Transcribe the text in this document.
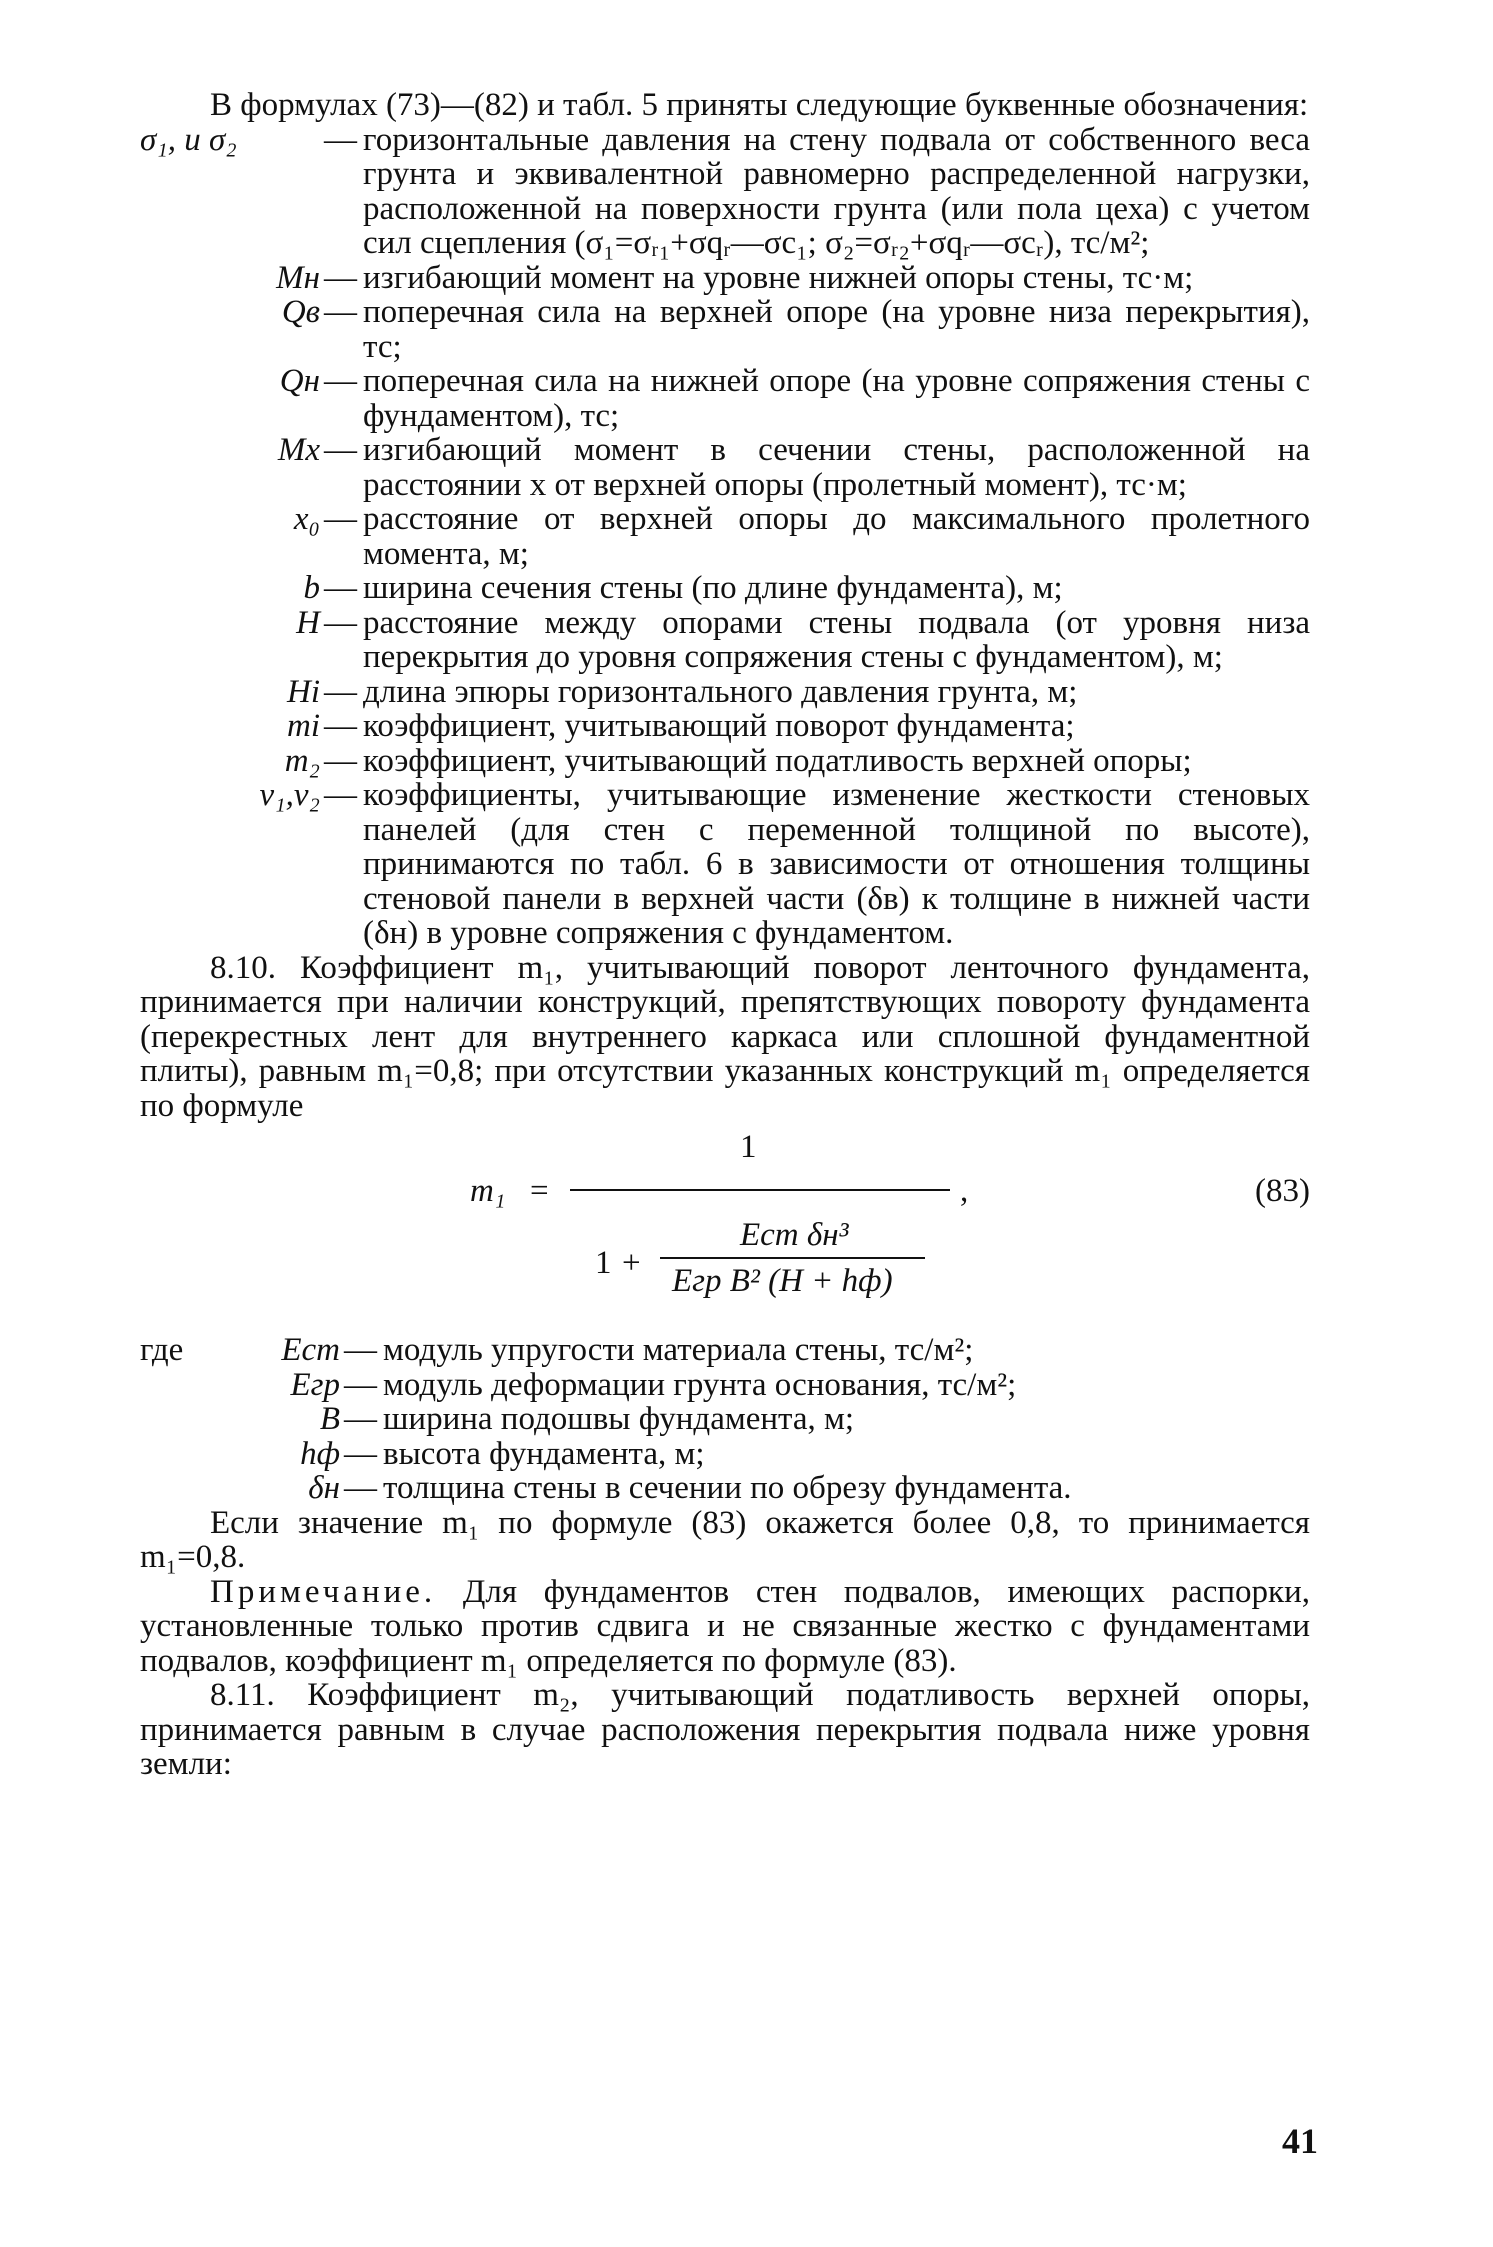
В формулах (73)—(82) и табл. 5 приняты следующие буквенные обозначения:

σ₁, и σ₂	— горизонтальные давления на стену подвала от собственного веса грунта и эквивалентной равномерно распределенной нагрузки, расположенной на поверхности грунта (или пола цеха) с учетом сил сцепления (σ₁=σᵣ₁+σqᵣ—σc₁; σ₂=σᵣ₂+σqᵣ—σcᵣ), тс/м²;
Mн — изгибающий момент на уровне нижней опоры стены, тс·м;
Qв — поперечная сила на верхней опоре (на уровне низа перекрытия), тс;
Qн — поперечная сила на нижней опоре (на уровне сопряжения стены с фундаментом), тс;
Mx — изгибающий момент в сечении стены, расположенной на расстоянии x от верхней опоры (пролетный момент), тс·м;
x₀ — расстояние от верхней опоры до максимального пролетного момента, м;
b — ширина сечения стены (по длине фундамента), м;
H — расстояние между опорами стены подвала (от уровня низа перекрытия до уровня сопряжения стены с фундаментом), м;
Hi — длина эпюры горизонтального давления грунта, м;
mi — коэффициент, учитывающий поворот фундамента;
m₂ — коэффициент, учитывающий податливость верхней опоры;
v₁,v₂ — коэффициенты, учитывающие изменение жесткости стеновых панелей (для стен с переменной толщиной по высоте), принимаются по табл. 6 в зависимости от отношения толщины стеновой панели в верхней части (δв) к толщине в нижней части (δн) в уровне сопряжения с фундаментом.

8.10. Коэффициент m₁, учитывающий поворот ленточного фундамента, принимается при наличии конструкций, препятствующих повороту фундамента (перекрестных лент для внутреннего каркаса или сплошной фундаментной плиты), равным m₁=0,8; при отсутствии указанных конструкций m₁ определяется по формуле

m₁ =
1
,
1 +
Eст δн³
Eгр B² (H + hф)
(83)
где	Eст — модуль упругости материала стены, тс/м²;
Eгр — модуль деформации грунта основания, тс/м²;
B — ширина подошвы фундамента, м;
hф — высота фундамента, м;
δн — толщина стены в сечении по обрезу фундамента.

Если значение m₁ по формуле (83) окажется более 0,8, то принимается m₁=0,8.

Примечание. Для фундаментов стен подвалов, имеющих распорки, установленные только против сдвига и не связанные жестко с фундаментами подвалов, коэффициент m₁ определяется по формуле (83).

8.11. Коэффициент m₂, учитывающий податливость верхней опоры, принимается равным в случае расположения перекрытия подвала ниже уровня земли:

41
